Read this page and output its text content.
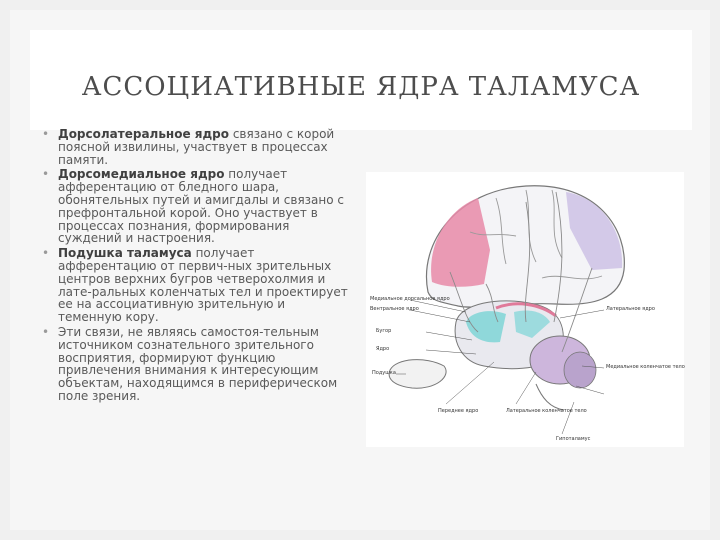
АССОЦИАТИВНЫЕ ЯДРА ТАЛАМУСА
• Дорсолатеральное ядро связано с корой поясной извилины, участвует в процессах памяти.
• Дорсомедиальное ядро получает афферентацию от бледного шара, обонятельных путей и амигдалы и связано с префронтальной корой. Оно участвует в процессах познания, формирования суждений и настроения.
• Подушка таламуса получает афферентацию от первич-ных зрительных центров верхних бугров четверохолмия и лате-ральных коленчатых тел и проектирует ее на ассоциативную зрительную и теменную кору.
• Эти связи, не являясь самостоя-тельным источником сознательного зрительного восприятия, формируют функцию привлечения внимания к интересующим объектам, находящимся в периферическом поле зрения.
Медиальное дорсальное ядро
Вентральное ядро
Бугор
Ядро
Подушка
Переднее ядро	Латеральное коленчатое тело
Гипоталамус
Латеральное ядро
Медиальное коленчатое тело
